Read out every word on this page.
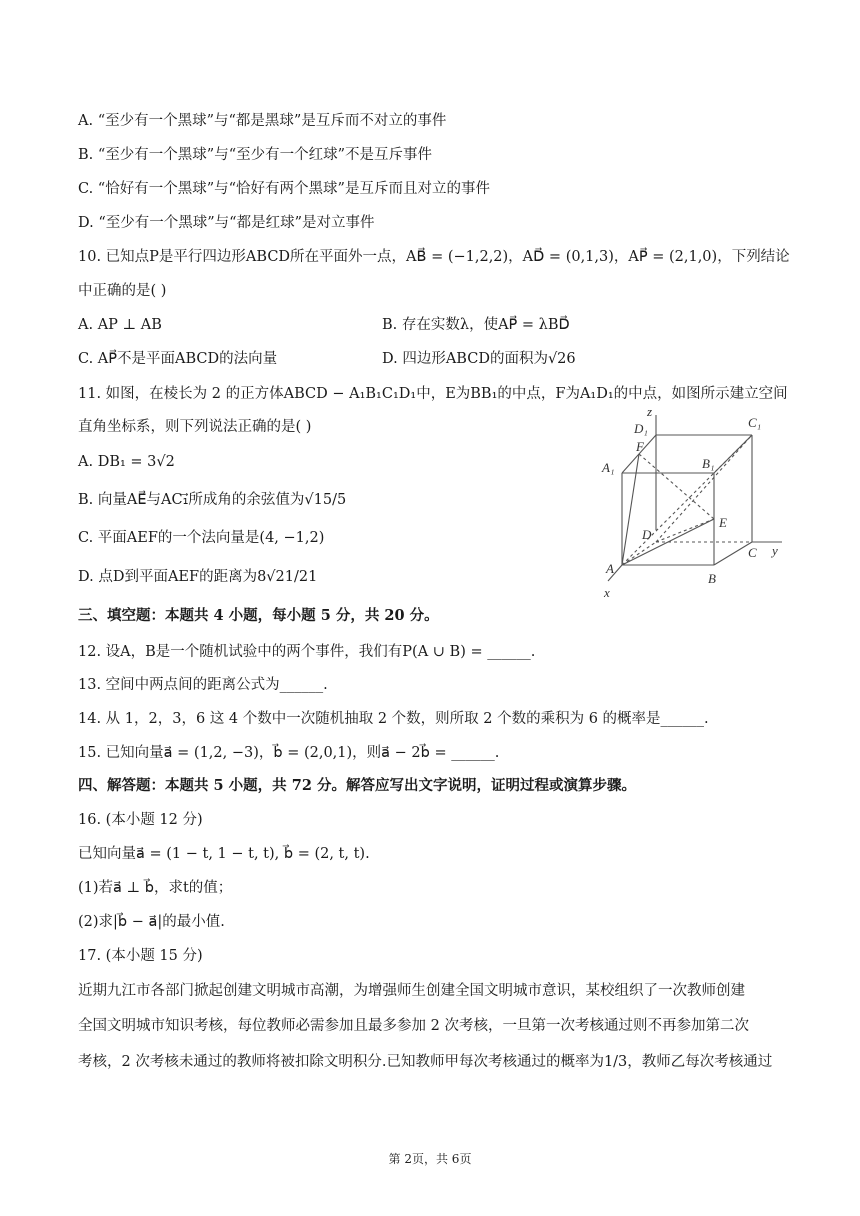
A. “至少有一个黑球”与“都是黑球”是互斥而不对立的事件
B. “至少有一个黑球”与“至少有一个红球”不是互斥事件
C. “恰好有一个黑球”与“恰好有两个黑球”是互斥而且对立的事件
D. “至少有一个黑球”与“都是红球”是对立事件
10. 已知点P是平行四边形ABCD所在平面外一点，AB⃗ = (−1,2,2)，AD⃗ = (0,1,3)，AP⃗ = (2,1,0)，下列结论
中正确的是( )
A. AP ⊥ AB	B. 存在实数λ，使AP⃗ = λBD⃗
C. AP⃗不是平面ABCD的法向量	D. 四边形ABCD的面积为√26
11. 如图，在棱长为 2 的正方体ABCD − A₁B₁C₁D₁中，E为BB₁的中点，F为A₁D₁的中点，如图所示建立空间
直角坐标系，则下列说法正确的是( )
A. DB₁ = 3√2
B. 向量AE⃗与AC₁⃗所成角的余弦值为√15/5
C. 平面AEF的一个法向量是(4, −1,2)
D. 点D到平面AEF的距离为8√21/21
z
y
x
D₁	C₁
A₁	B₁
F
D
E
C
A
B
三、填空题：本题共 4 小题，每小题 5 分，共 20 分。
12. 设A，B是一个随机试验中的两个事件，我们有P(A ∪ B) = ______.
13. 空间中两点间的距离公式为______.
14. 从 1，2，3，6 这 4 个数中一次随机抽取 2 个数，则所取 2 个数的乘积为 6 的概率是______.
15. 已知向量a⃗ = (1,2, −3)，b⃗ = (2,0,1)，则a⃗ − 2b⃗ = ______.
四、解答题：本题共 5 小题，共 72 分。解答应写出文字说明，证明过程或演算步骤。
16. (本小题 12 分)
已知向量a⃗ = (1 − t, 1 − t, t), b⃗ = (2, t, t).
(1)若a⃗ ⊥ b⃗，求t的值；
(2)求|b⃗ − a⃗|的最小值.
17. (本小题 15 分)
近期九江市各部门掀起创建文明城市高潮，为增强师生创建全国文明城市意识，某校组织了一次教师创建
全国文明城市知识考核，每位教师必需参加且最多参加 2 次考核，一旦第一次考核通过则不再参加第二次
考核，2 次考核未通过的教师将被扣除文明积分.已知教师甲每次考核通过的概率为1/3，教师乙每次考核通过
第 2页，共 6页
